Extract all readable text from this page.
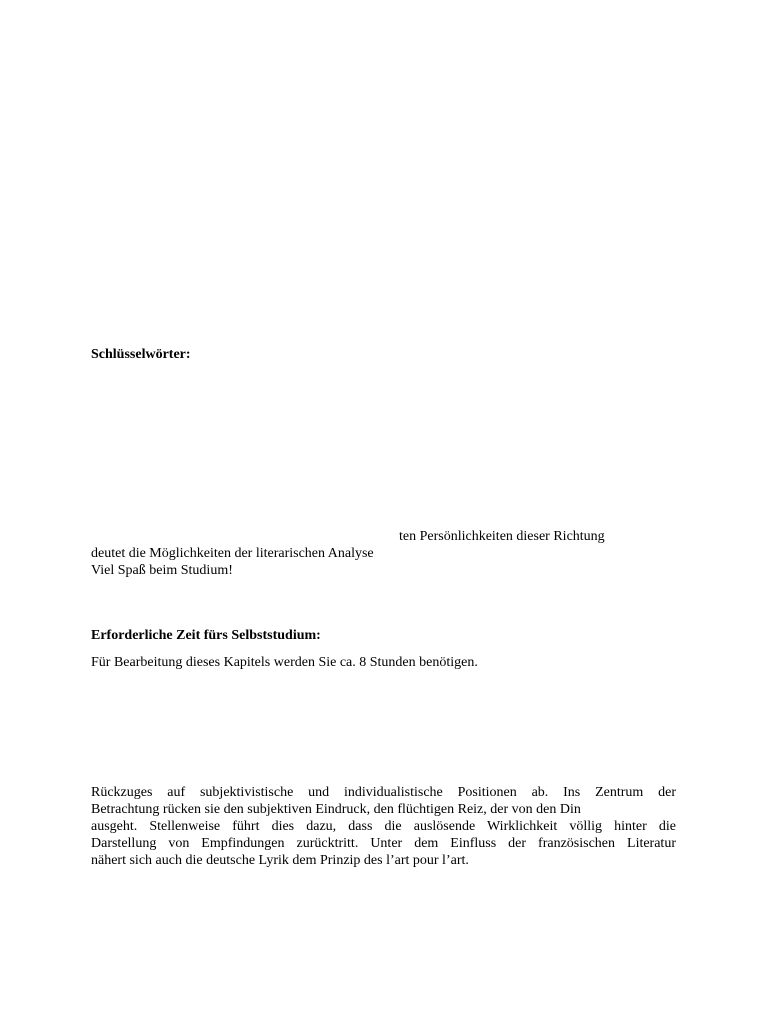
Schlüsselwörter:

ten Persönlichkeiten dieser Richtung

deutet die Möglichkeiten der literarischen Analyse

Viel Spaß beim Studium!

Erforderliche Zeit fürs Selbststudium:

Für Bearbeitung dieses Kapitels werden Sie ca. 8 Stunden benötigen.

Rückzuges auf subjektivistische und individualistische Positionen ab. Ins Zentrum der
Betrachtung rücken sie den subjektiven Eindruck, den flüchtigen Reiz, der von den Din
ausgeht. Stellenweise führt dies dazu, dass die auslösende Wirklichkeit völlig hinter die
Darstellung von Empfindungen zurücktritt. Unter dem Einfluss der französischen Literatur
nähert sich auch die deutsche Lyrik dem Prinzip des l’art pour l’art.
